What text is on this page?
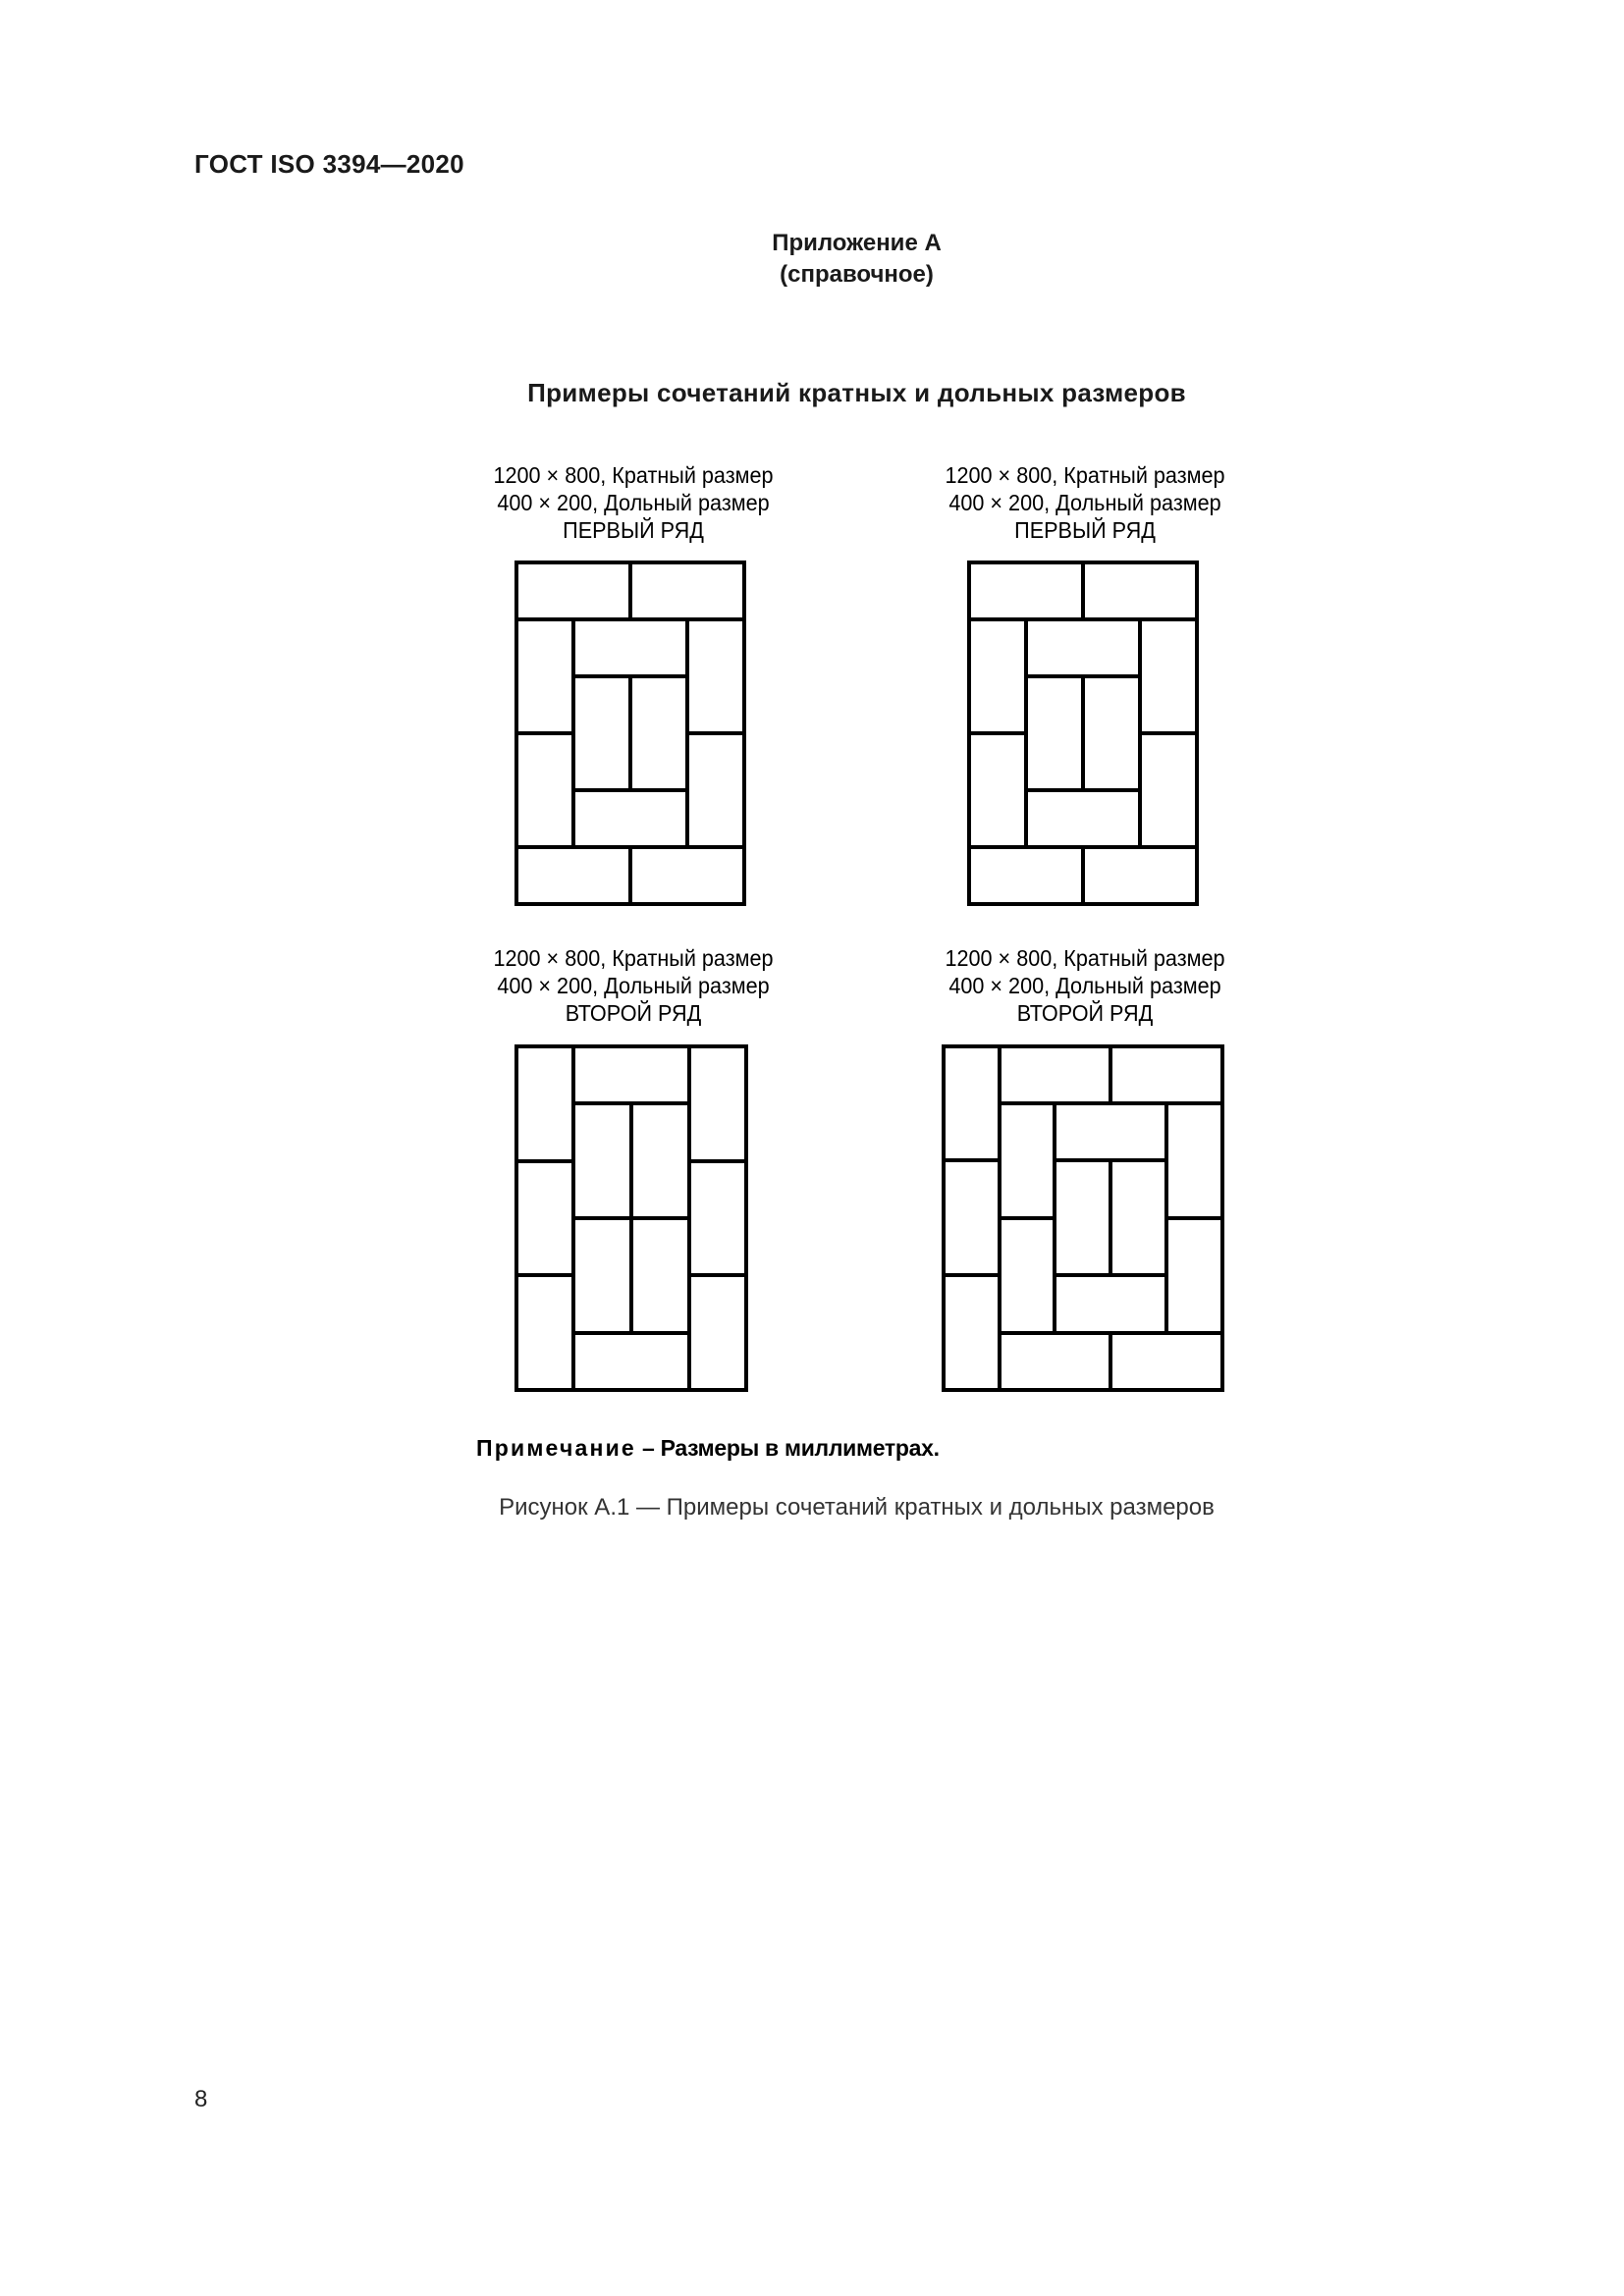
ГОСТ ISO 3394—2020
Приложение А
(справочное)
Примеры сочетаний кратных и дольных размеров
1200 × 800, Кратный размер
400 × 200, Дольный размер
ПЕРВЫЙ РЯД
1200 × 800, Кратный размер
400 × 200, Дольный размер
ПЕРВЫЙ РЯД
1200 × 800, Кратный размер
400 × 200, Дольный размер
ВТОРОЙ РЯД
1200 × 800, Кратный размер
400 × 200, Дольный размер
ВТОРОЙ РЯД
Примечание – Размеры в миллиметрах.
Рисунок А.1 — Примеры сочетаний кратных и дольных размеров
8
